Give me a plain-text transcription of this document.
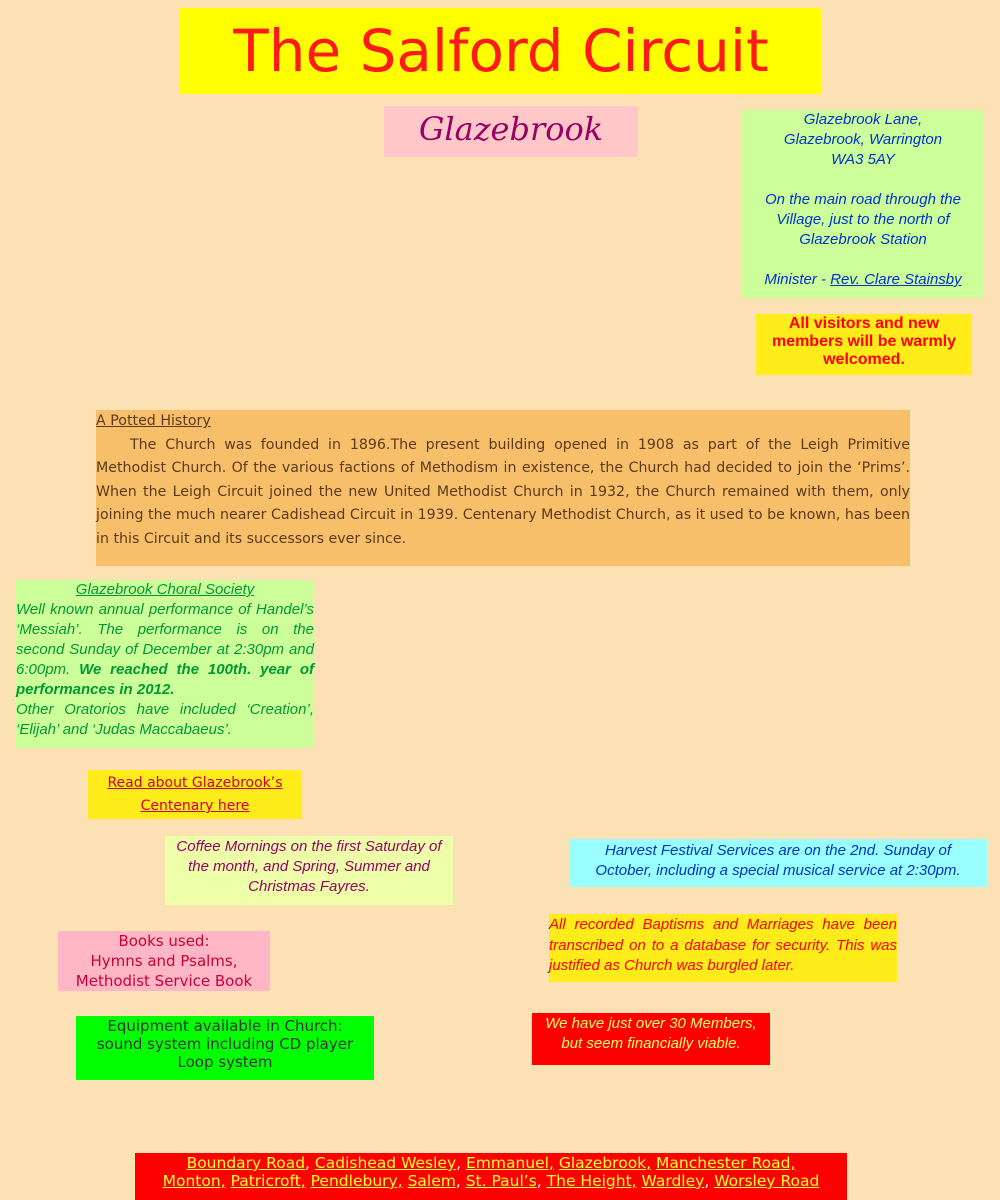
The Salford Circuit
Glazebrook	Glazebrook Lane,
Glazebrook, Warrington
WA3 5AY
On the main road through the
Village, just to the north of
Glazebrook Station
Minister - Rev. Clare Stainsby
All visitors and new
members will be warmly
welcomed.
A Potted History
The Church was founded in 1896.The present building opened in 1908 as part of the Leigh Primitive Methodist Church. Of the various factions of Methodism in existence, the Church had decided to join the ‘Prims’. When the Leigh Circuit joined the new United Methodist Church in 1932, the Church remained with them, only joining the much nearer Cadishead Circuit in 1939. Centenary Methodist Church, as it used to be known, has been in this Circuit and its successors ever since.
Glazebrook Choral Society
Well known annual performance of Handel’s ‘Messiah’. The performance is on the second Sunday of December at 2:30pm and 6:00pm. We reached the 100th. year of performances in 2012.
Other Oratorios have included ‘Creation’, ‘Elijah’ and ‘Judas Maccabaeus’.
Read about Glazebrook’s
Centenary here
Coffee Mornings on the first Saturday of
the month, and Spring, Summer and
Christmas Fayres.
Harvest Festival Services are on the 2nd. Sunday of
October, including a special musical service at 2:30pm.
All recorded Baptisms and Marriages have been transcribed on to a database for security. This was justified as Church was burgled later.
Books used:
Hymns and Psalms,
Methodist Service Book
Equipment available in Church:
sound system including CD player
Loop system
We have just over 30 Members,
but seem financially viable.
Boundary Road, Cadishead Wesley, Emmanuel, Glazebrook, Manchester Road,
Monton, Patricroft, Pendlebury, Salem, St. Paul’s, The Height, Wardley, Worsley Road
